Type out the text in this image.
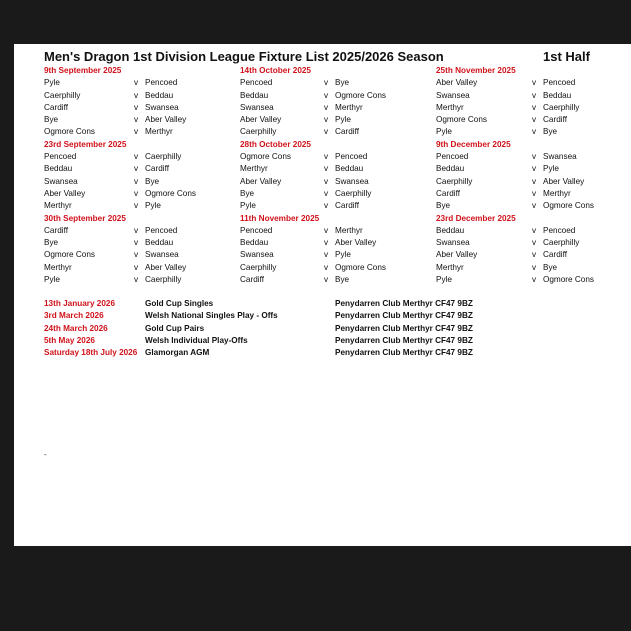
Men's Dragon 1st Division League Fixture List 2025/2026 Season	1st Half
9th September 2025
Pyle	v Pencoed
Caerphilly	v Beddau
Cardiff	v Swansea
Bye	v Aber Valley
Ogmore Cons	v Merthyr
23rd September 2025
Pencoed	v Caerphilly
Beddau	v Cardiff
Swansea	v Bye
Aber Valley	v Ogmore Cons
Merthyr	v Pyle
30th September 2025
Cardiff	v Pencoed
Bye	v Beddau
Ogmore Cons	v Swansea
Merthyr	v Aber Valley
Pyle	v Caerphilly
14th October 2025
Pencoed	v Bye
Beddau	v Ogmore Cons
Swansea	v Merthyr
Aber Valley	v Pyle
Caerphilly	v Cardiff
28th October 2025
Ogmore Cons	v Pencoed
Merthyr	v Beddau
Aber Valley	v Swansea
Bye	v Caerphilly
Pyle	v Cardiff
11th November 2025
Pencoed	v Merthyr
Beddau	v Aber Valley
Swansea	v Pyle
Caerphilly	v Ogmore Cons
Cardiff	v Bye
25th November 2025
Aber Valley	v Pencoed
Swansea	v Beddau
Merthyr	v Caerphilly
Ogmore Cons	v Cardiff
Pyle	v Bye
9th December 2025
Pencoed	v Swansea
Beddau	v Pyle
Caerphilly	v Aber Valley
Cardiff	v Merthyr
Bye	v Ogmore Cons
23rd December 2025
Beddau	v Pencoed
Swansea	v Caerphilly
Aber Valley	v Cardiff
Merthyr	v Bye
Pyle	v Ogmore Cons
13th January 2026	Gold Cup Singles	Penydarren Club Merthyr CF47 9BZ
3rd March 2026	Welsh National Singles Play - Offs	Penydarren Club Merthyr CF47 9BZ
24th March 2026	Gold Cup Pairs	Penydarren Club Merthyr CF47 9BZ
5th May 2026	Welsh Individual Play-Offs	Penydarren Club Merthyr CF47 9BZ
Saturday 18th July 2026 Glamorgan AGM	Penydarren Club Merthyr CF47 9BZ
-
